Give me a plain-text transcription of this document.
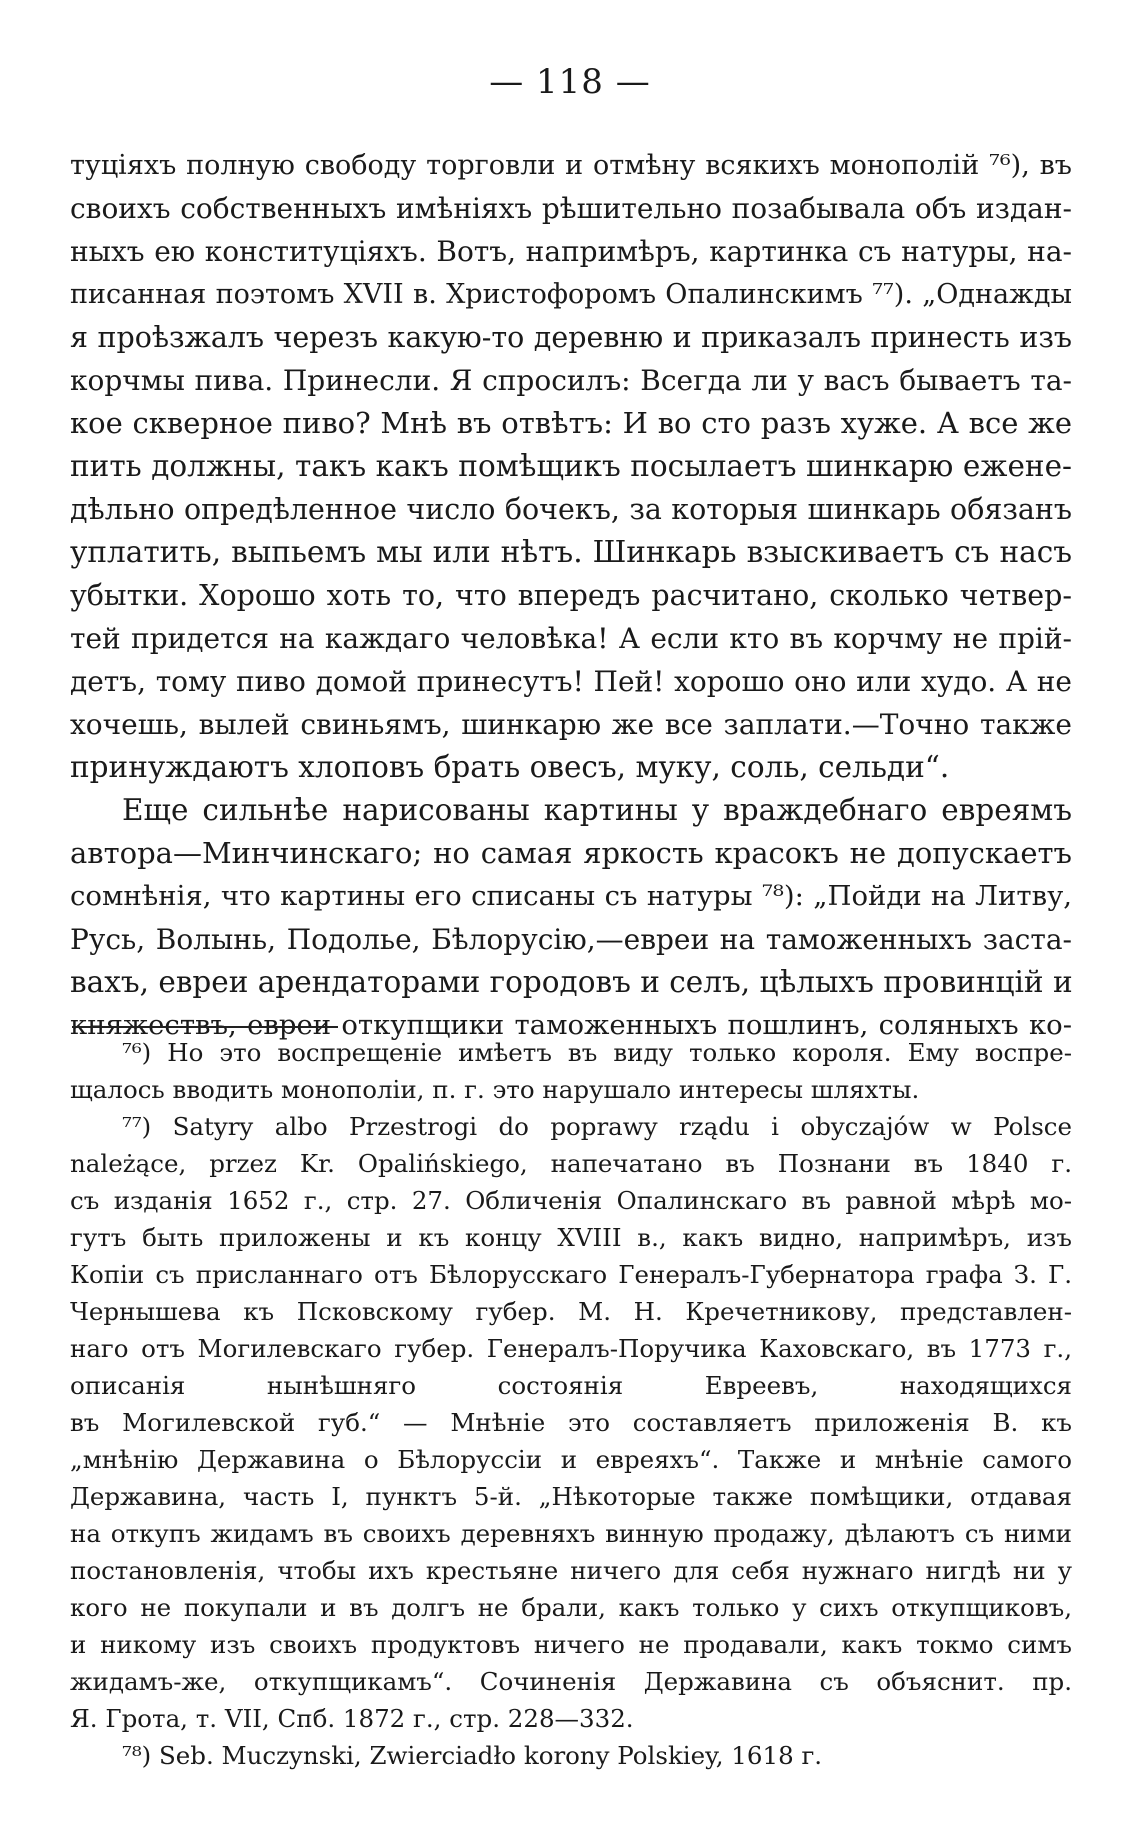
— 118 —
туціяхъ полную свободу торговли и отмѣну всякихъ монополій ⁷⁶), въ
своихъ собственныхъ имѣніяхъ рѣшительно позабывала объ издан-
ныхъ ею конституціяхъ. Вотъ, напримѣръ, картинка съ натуры, на-
писанная поэтомъ XVII в. Христофоромъ Опалинскимъ ⁷⁷). „Однажды
я проѣзжалъ черезъ какую-то деревню и приказалъ принесть изъ
корчмы пива. Принесли. Я спросилъ: Всегда ли у васъ бываетъ та-
кое скверное пиво? Мнѣ въ отвѣтъ: И во сто разъ хуже. А все же
пить должны, такъ какъ помѣщикъ посылаетъ шинкарю еженe-
дѣльно опредѣленное число бочекъ, за которыя шинкарь обязанъ
уплатить, выпьемъ мы или нѣтъ. Шинкарь взыскиваетъ съ насъ
убытки. Хорошо хоть то, что впередъ расчитано, сколько четвер-
тей придется на каждаго человѣка! А если кто въ корчму не прій-
детъ, тому пиво домой принесутъ! Пей! хорошо оно или худо. А не
хочешь, вылей свиньямъ, шинкарю же все заплати.—Точно также
принуждаютъ хлоповъ брать овесъ, муку, соль, сельди“.
Еще сильнѣе нарисованы картины у враждебнаго евреямъ
автора—Минчинскаго; но самая яркость красокъ не допускаетъ
сомнѣнія, что картины его списаны съ натуры ⁷⁸): „Пойди на Литву,
Русь, Волынь, Подолье, Бѣлорусію,—евреи на таможенныхъ заста-
вахъ, евреи арендаторами городовъ и селъ, цѣлыхъ провинцій и
княжествъ, евреи откупщики таможенныхъ пошлинъ, соляныхъ ко-
⁷⁶) Но это воспрещеніе имѣетъ въ виду только короля. Ему воспре-
щалось вводить монополіи, п. г. это нарушало интересы шляхты.
⁷⁷) Satyry albo Przestrogi do poprawy rządu i obyczajów w Polsce
należące, przez Kr. Opalińskiego, напечатано въ Познани въ 1840 г.
съ изданія 1652 г., стр. 27. Обличенія Опалинскаго въ равной мѣрѣ мо-
гутъ быть приложены и къ концу XVIII в., какъ видно, напримѣръ, изъ
Копіи съ присланнаго отъ Бѣлорусскаго Генералъ-Губернатора графа З. Г.
Чернышева къ Псковскому губер. М. Н. Кречетникову, представлен-
наго отъ Могилевскаго губер. Генералъ-Поручика Каховскаго, въ 1773 г.,
описанія нынѣшняго состоянія Евреевъ, находящихся
въ Могилевской губ.“ — Мнѣніе это составляетъ приложенія В. къ
„мнѣнію Державина о Бѣлоруссіи и евреяхъ“. Также и мнѣніе самого
Державина, часть I, пунктъ 5-й. „Нѣкоторые также помѣщики, отдавая
на откупъ жидамъ въ своихъ деревняхъ винную продажу, дѣлаютъ съ ними
постановленія, чтобы ихъ крестьяне ничего для себя нужнаго нигдѣ ни у
кого не покупали и въ долгъ не брали, какъ только у сихъ откупщиковъ,
и никому изъ своихъ продуктовъ ничего не продавали, какъ токмо симъ
жидамъ-же, откупщикамъ“. Сочиненія Державина съ объяснит. пр.
Я. Грота, т. VII, Спб. 1872 г., стр. 228—332.
⁷⁸) Seb. Muczynski, Zwierciadło korony Polskiey, 1618 г.
